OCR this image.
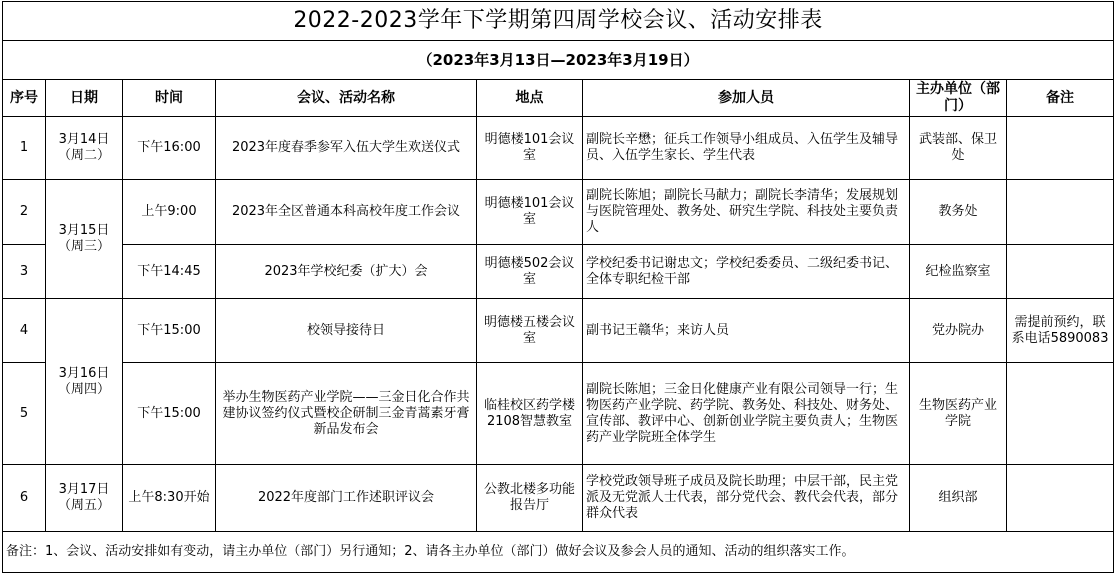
2022-2023学年下学期第四周学校会议、活动安排表							
（2023年3月13日—2023年3月19日）							
序号	日期	时间	会议、活动名称	地点	参加人员	主办单位（部门）	备注
1	3月14日（周二）	下午16:00	2023年度春季参军入伍大学生欢送仪式	明德楼101会议室	副院长辛懋；征兵工作领导小组成员、入伍学生及辅导员、入伍学生家长、学生代表	武装部、保卫处	
2	3月15日（周三）	上午9:00	2023年全区普通本科高校年度工作会议	明德楼101会议室	副院长陈旭；副院长马献力；副院长李清华；发展规划与医院管理处、教务处、研究生学院、科技处主要负责人	教务处	
3		下午14:45	2023年学校纪委（扩大）会	明德楼502会议室	学校纪委书记谢忠文；学校纪委委员、二级纪委书记、全体专职纪检干部	纪检监察室	
4	3月16日（周四）	下午15:00	校领导接待日	明德楼五楼会议室	副书记王赣华；来访人员	党办院办	需提前预约，联系电话5890083
5		下午15:00	举办生物医药产业学院——三金日化合作共建协议签约仪式暨校企研制三金青蒿素牙膏新品发布会	临桂校区药学楼2108智慧教室	副院长陈旭；三金日化健康产业有限公司领导一行；生物医药产业学院、药学院、教务处、科技处、财务处、宣传部、教评中心、创新创业学院主要负责人；生物医药产业学院班全体学生	生物医药产业学院	
6	3月17日（周五）	上午8:30开始	2022年度部门工作述职评议会	公教北楼多功能报告厅	学校党政领导班子成员及院长助理；中层干部，民主党派及无党派人士代表，部分党代会、教代会代表，部分群众代表	组织部	
备注：1、会议、活动安排如有变动，请主办单位（部门）另行通知；2、请各主办单位（部门）做好会议及参会人员的通知、活动的组织落实工作。							
